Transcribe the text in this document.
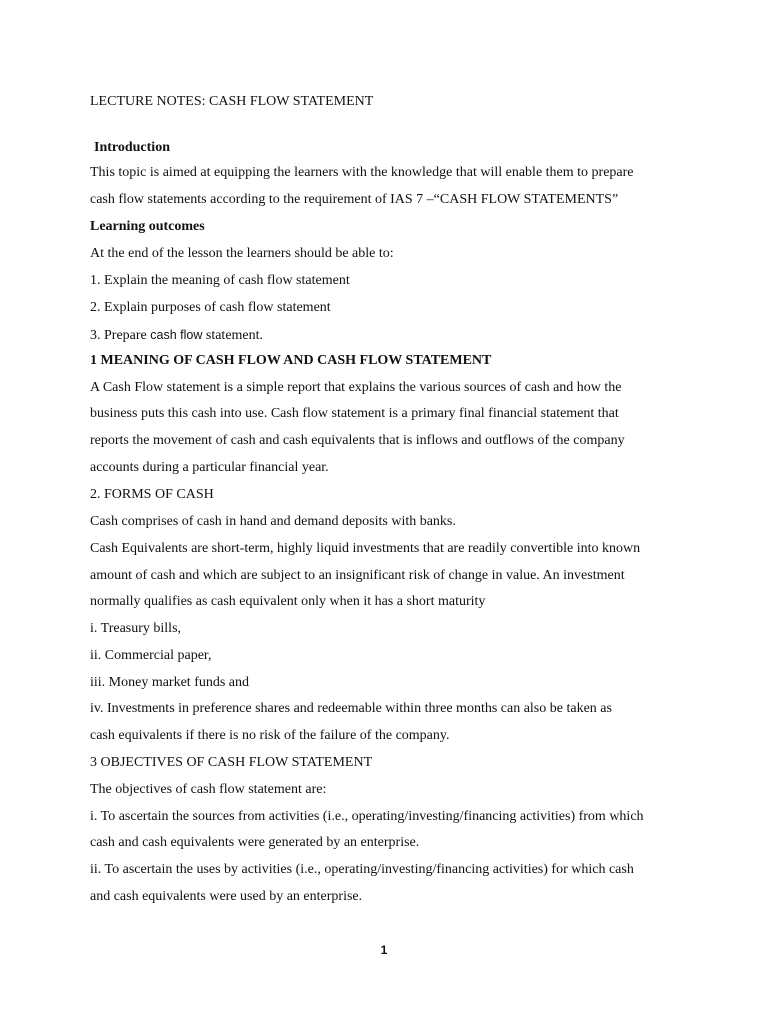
LECTURE NOTES: CASH FLOW STATEMENT
Introduction
This topic is aimed at equipping the learners with the knowledge that will enable them to prepare
cash flow statements according to the requirement of IAS 7 –“CASH FLOW STATEMENTS”
Learning outcomes
At the end of the lesson the learners should be able to:
1. Explain the meaning of cash flow statement
2. Explain purposes of cash flow statement
3. Prepare cash flow statement.
1 MEANING OF CASH FLOW AND CASH FLOW STATEMENT
A Cash Flow statement is a simple report that explains the various sources of cash and how the
business puts this cash into use. Cash flow statement is a primary final financial statement that
reports the movement of cash and cash equivalents that is inflows and outflows of the company
accounts during a particular financial year.
2. FORMS OF CASH
Cash comprises of cash in hand and demand deposits with banks.
Cash Equivalents are short-term, highly liquid investments that are readily convertible into known
amount of cash and which are subject to an insignificant risk of change in value. An investment
normally qualifies as cash equivalent only when it has a short maturity
i. Treasury bills,
ii. Commercial paper,
iii. Money market funds and
iv. Investments in preference shares and redeemable within three months can also be taken as
cash equivalents if there is no risk of the failure of the company.
3 OBJECTIVES OF CASH FLOW STATEMENT
The objectives of cash flow statement are:
i. To ascertain the sources from activities (i.e., operating/investing/financing activities) from which
cash and cash equivalents were generated by an enterprise.
ii. To ascertain the uses by activities (i.e., operating/investing/financing activities) for which cash
and cash equivalents were used by an enterprise.
1
